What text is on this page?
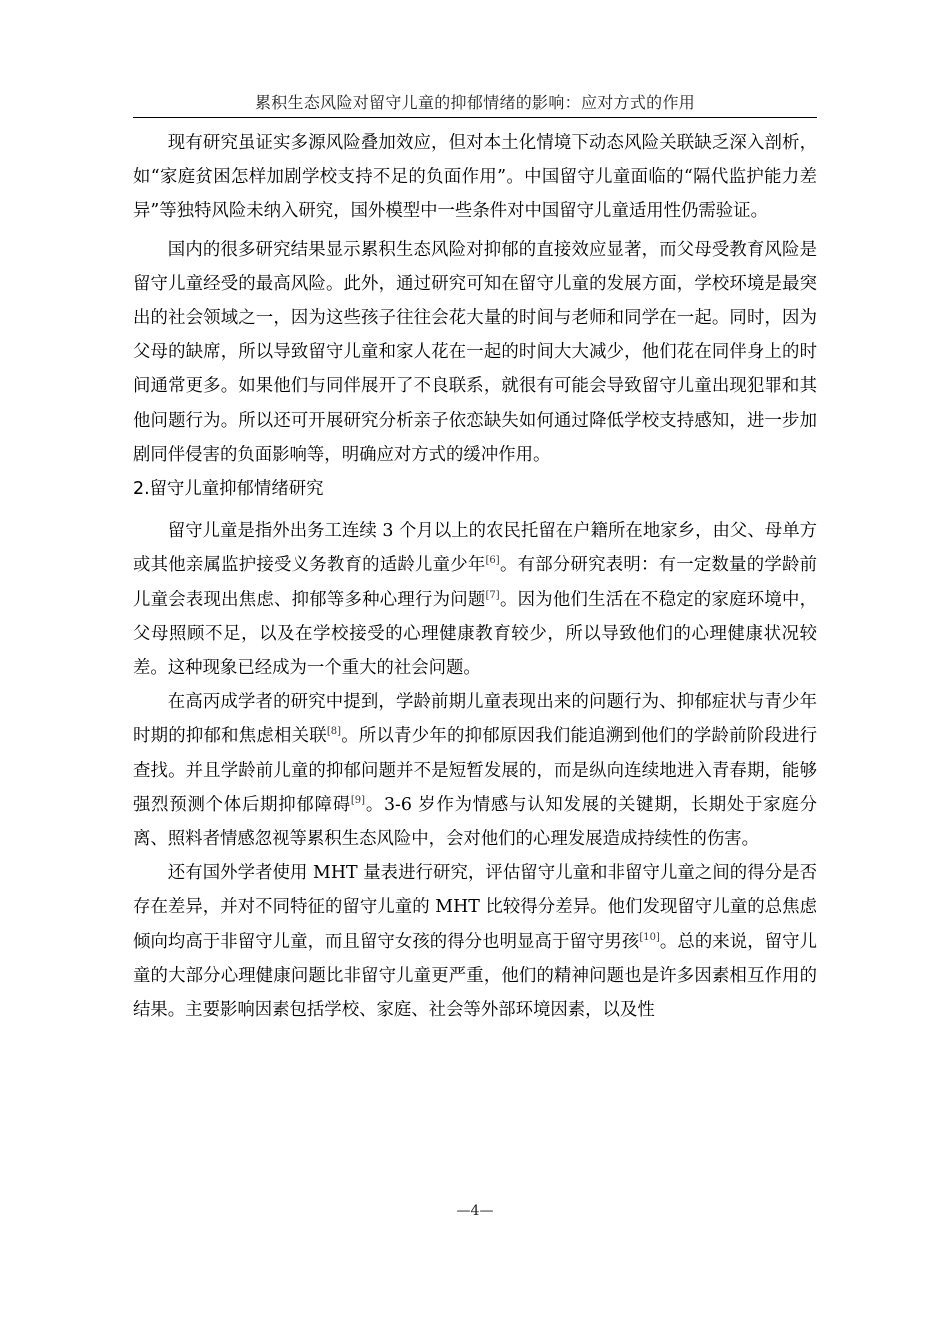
累积生态风险对留守儿童的抑郁情绪的影响：应对方式的作用

现有研究虽证实多源风险叠加效应，但对本土化情境下动态风险关联缺乏深入剖析，如“家庭贫困怎样加剧学校支持不足的负面作用”。中国留守儿童面临的“隔代监护能力差异”等独特风险未纳入研究，国外模型中一些条件对中国留守儿童适用性仍需验证。

国内的很多研究结果显示累积生态风险对抑郁的直接效应显著，而父母受教育风险是留守儿童经受的最高风险。此外，通过研究可知在留守儿童的发展方面，学校环境是最突出的社会领域之一，因为这些孩子往往会花大量的时间与老师和同学在一起。同时，因为父母的缺席，所以导致留守儿童和家人花在一起的时间大大减少，他们花在同伴身上的时间通常更多。如果他们与同伴展开了不良联系，就很有可能会导致留守儿童出现犯罪和其他问题行为。所以还可开展研究分析亲子依恋缺失如何通过降低学校支持感知，进一步加剧同伴侵害的负面影响等，明确应对方式的缓冲作用。

2.留守儿童抑郁情绪研究

留守儿童是指外出务工连续 3 个月以上的农民托留在户籍所在地家乡，由父、母单方或其他亲属监护接受义务教育的适龄儿童少年[6]。有部分研究表明：有一定数量的学龄前儿童会表现出焦虑、抑郁等多种心理行为问题[7]。因为他们生活在不稳定的家庭环境中，父母照顾不足，以及在学校接受的心理健康教育较少，所以导致他们的心理健康状况较差。这种现象已经成为一个重大的社会问题。

在高丙成学者的研究中提到，学龄前期儿童表现出来的问题行为、抑郁症状与青少年时期的抑郁和焦虑相关联[8]。所以青少年的抑郁原因我们能追溯到他们的学龄前阶段进行查找。并且学龄前儿童的抑郁问题并不是短暂发展的，而是纵向连续地进入青春期，能够强烈预测个体后期抑郁障碍[9]。3-6 岁作为情感与认知发展的关键期，长期处于家庭分离、照料者情感忽视等累积生态风险中，会对他们的心理发展造成持续性的伤害。

还有国外学者使用 MHT 量表进行研究，评估留守儿童和非留守儿童之间的得分是否存在差异，并对不同特征的留守儿童的 MHT 比较得分差异。他们发现留守儿童的总焦虑倾向均高于非留守儿童，而且留守女孩的得分也明显高于留守男孩[10]。总的来说，留守儿童的大部分心理健康问题比非留守儿童更严重，他们的精神问题也是许多因素相互作用的结果。主要影响因素包括学校、家庭、社会等外部环境因素，以及性

—4—
